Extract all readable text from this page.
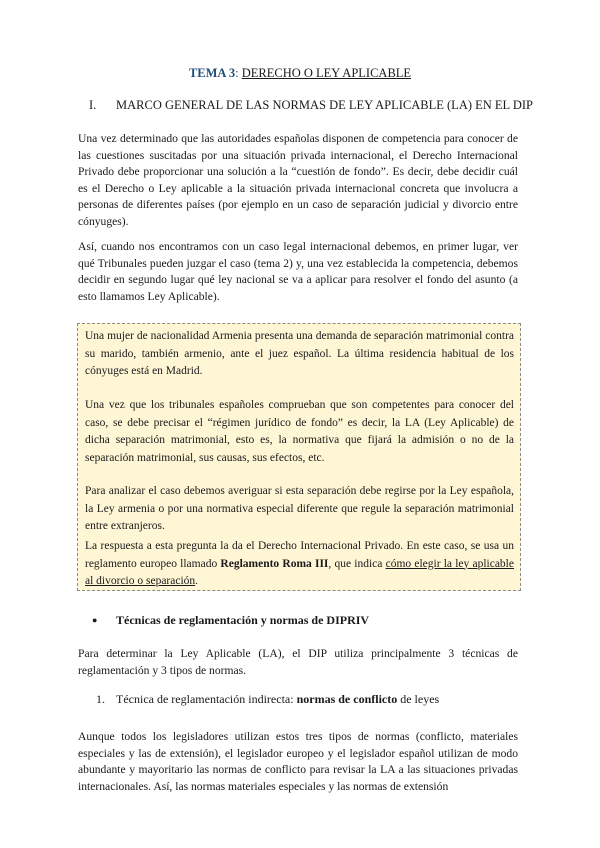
TEMA 3: DERECHO O LEY APLICABLE
I. MARCO GENERAL DE LAS NORMAS DE LEY APLICABLE (LA) EN EL DIP

Una vez determinado que las autoridades españolas disponen de competencia para conocer de las cuestiones suscitadas por una situación privada internacional, el Derecho Internacional Privado debe proporcionar una solución a la “cuestión de fondo”. Es decir, debe decidir cuál es el Derecho o Ley aplicable a la situación privada internacional concreta que involucra a personas de diferentes países (por ejemplo en un caso de separación judicial y divorcio entre cónyuges).

Así, cuando nos encontramos con un caso legal internacional debemos, en primer lugar, ver qué Tribunales pueden juzgar el caso (tema 2) y, una vez establecida la competencia, debemos decidir en segundo lugar qué ley nacional se va a aplicar para resolver el fondo del asunto (a esto llamamos Ley Aplicable).

Una mujer de nacionalidad Armenia presenta una demanda de separación matrimonial contra su marido, también armenio, ante el juez español. La última residencia habitual de los cónyuges está en Madrid.

Una vez que los tribunales españoles comprueban que son competentes para conocer del caso, se debe precisar el “régimen jurídico de fondo” es decir, la LA (Ley Aplicable) de dicha separación matrimonial, esto es, la normativa que fijará la admisión o no de la separación matrimonial, sus causas, sus efectos, etc.

Para analizar el caso debemos averiguar si esta separación debe regirse por la Ley española, la Ley armenia o por una normativa especial diferente que regule la separación matrimonial entre extranjeros.

La respuesta a esta pregunta la da el Derecho Internacional Privado. En este caso, se usa un reglamento europeo llamado Reglamento Roma III, que indica cómo elegir la ley aplicable al divorcio o separación.

● Técnicas de reglamentación y normas de DIPRIV

Para determinar la Ley Aplicable (LA), el DIP utiliza principalmente 3 técnicas de reglamentación y 3 tipos de normas.

1. Técnica de reglamentación indirecta: normas de conflicto de leyes

Aunque todos los legisladores utilizan estos tres tipos de normas (conflicto, materiales especiales y las de extensión), el legislador europeo y el legislador español utilizan de modo abundante y mayoritario las normas de conflicto para revisar la LA a las situaciones privadas internacionales. Así, las normas materiales especiales y las normas de extensión
